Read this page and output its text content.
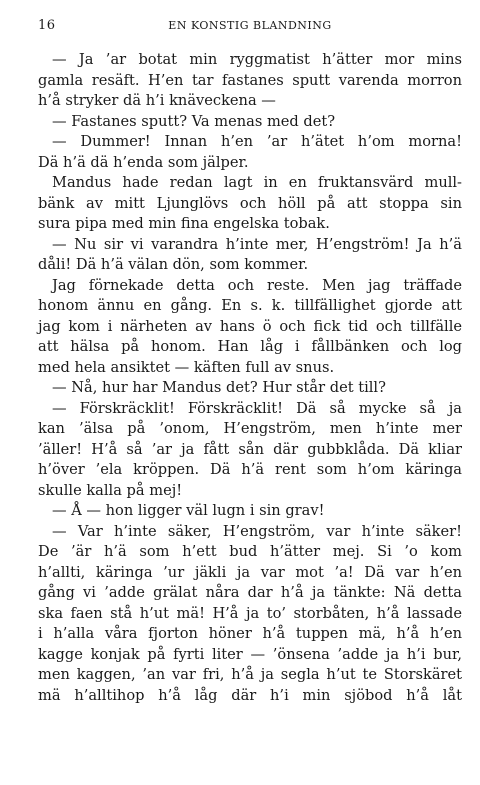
16	EN KONSTIG BLANDNING
— Ja ’ar botat min ryggmatist h’ätter mor mins
gamla resäft. H’en tar fastanes sputt varenda morron
h’å stryker dä h’i knäveckena —
— Fastanes sputt? Va menas med det?
— Dummer! Innan h’en ’ar h’ätet h’om morna!
Dä h’ä dä h’enda som jälper.
Mandus hade redan lagt in en fruktansvärd mull-
bänk av mitt Ljunglövs och höll på att stoppa sin
sura pipa med min fina engelska tobak.
— Nu sir vi varandra h’inte mer, H’engström! Ja h’ä
dåli! Dä h’ä välan dön, som kommer.
Jag förnekade detta och reste. Men jag träffade
honom ännu en gång. En s. k. tillfällighet gjorde att
jag kom i närheten av hans ö och fick tid och tillfälle
att hälsa på honom. Han låg i fållbänken och log
med hela ansiktet — käften full av snus.
— Nå, hur har Mandus det? Hur står det till?
— Förskräcklit! Förskräcklit! Dä så mycke så ja
kan ’älsa på ’onom, H’engström, men h’inte mer
’äller! H’å så ’ar ja fått sån där gubbklåda. Dä kliar
h’över ’ela kröppen. Dä h’ä rent som h’om käringa
skulle kalla på mej!
— Å — hon ligger väl lugn i sin grav!
— Var h’inte säker, H’engström, var h’inte säker!
De ’är h’ä som h’ett bud h’ätter mej. Si ’o kom
h’allti, käringa ’ur jäkli ja var mot ’a! Dä var h’en
gång vi ’adde grälat nåra dar h’å ja tänkte: Nä detta
ska faen stå h’ut mä! H’å ja to’ storbåten, h’å lassade
i h’alla våra fjorton höner h’å tuppen mä, h’å h’en
kagge konjak på fyrti liter — ’önsena ’adde ja h’i bur,
men kaggen, ’an var fri, h’å ja segla h’ut te Storskäret
mä h’alltihop h’å låg där h’i min sjöbod h’å låt
